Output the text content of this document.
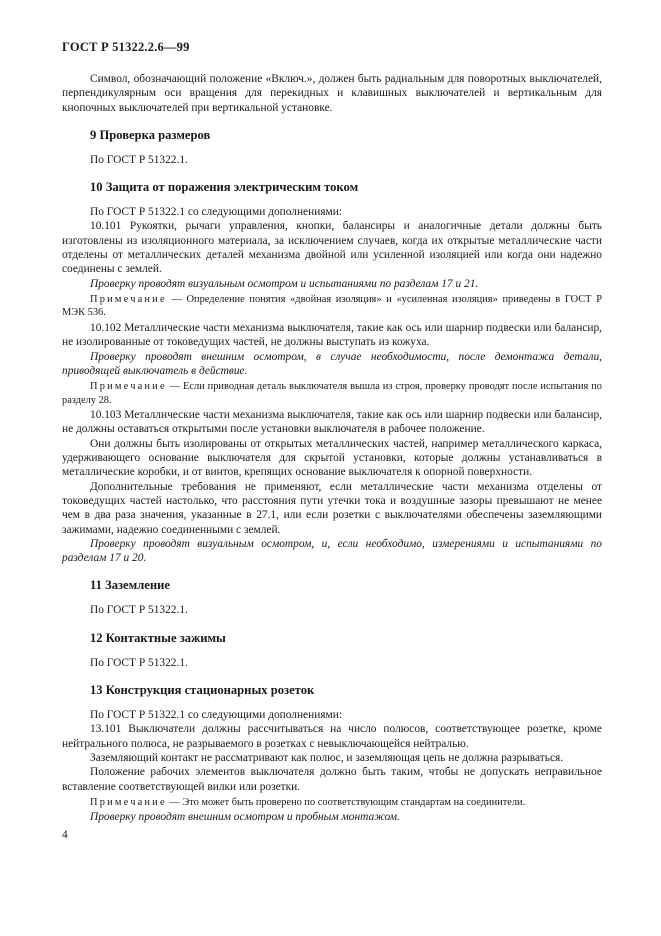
ГОСТ Р 51322.2.6—99

Символ, обозначающий положение «Включ.», должен быть радиальным для поворотных выключателей, перпендикулярным оси вращения для перекидных и клавишных выключателей и вертикальным для кнопочных выключателей при вертикальной установке.

9 Проверка размеров

По ГОСТ Р 51322.1.

10 Защита от поражения электрическим током

По ГОСТ Р 51322.1 со следующими дополнениями:

10.101 Рукоятки, рычаги управления, кнопки, балансиры и аналогичные детали должны быть изготовлены из изоляционного материала, за исключением случаев, когда их открытые металлические части отделены от металлических деталей механизма двойной или усиленной изоляцией или когда они надежно соединены с землей.

Проверку проводят визуальным осмотром и испытаниями по разделам 17 и 21.

Примечание — Определение понятия «двойная изоляция» и «усиленная изоляция» приведены в ГОСТ Р МЭК 536.

10.102 Металлические части механизма выключателя, такие как ось или шарнир подвески или балансир, не изолированные от токоведущих частей, не должны выступать из кожуха.

Проверку проводят внешним осмотром, в случае необходимости, после демонтажа детали, приводящей выключатель в действие.

Примечание — Если приводная деталь выключателя вышла из строя, проверку проводят после испытания по разделу 28.

10.103 Металлические части механизма выключателя, такие как ось или шарнир подвески или балансир, не должны оставаться открытыми после установки выключателя в рабочее положение.

Они должны быть изолированы от открытых металлических частей, например металлического каркаса, удерживающего основание выключателя для скрытой установки, которые должны устанавливаться в металлические коробки, и от винтов, крепящих основание выключателя к опорной поверхности.

Дополнительные требования не применяют, если металлические части механизма отделены от токоведущих частей настолько, что расстояния пути утечки тока и воздушные зазоры превышают не менее чем в два раза значения, указанные в 27.1, или если розетки с выключателями обеспечены заземляющими зажимами, надежно соединенными с землей.

Проверку проводят визуальным осмотром, и, если необходимо, измерениями и испытаниями по разделам 17 и 20.

11 Заземление

По ГОСТ Р 51322.1.

12 Контактные зажимы

По ГОСТ Р 51322.1.

13 Конструкция стационарных розеток

По ГОСТ Р 51322.1 со следующими дополнениями:

13.101 Выключатели должны рассчитываться на число полюсов, соответствующее розетке, кроме нейтрального полюса, не разрываемого в розетках с невыключающейся нейтралью.

Заземляющий контакт не рассматривают как полюс, и заземляющая цепь не должна разрываться.

Положение рабочих элементов выключателя должно быть таким, чтобы не допускать неправильное вставление соответствующей вилки или розетки.

Примечание — Это может быть проверено по соответствующим стандартам на соединители.

Проверку проводят внешним осмотром и пробным монтажом.

4
